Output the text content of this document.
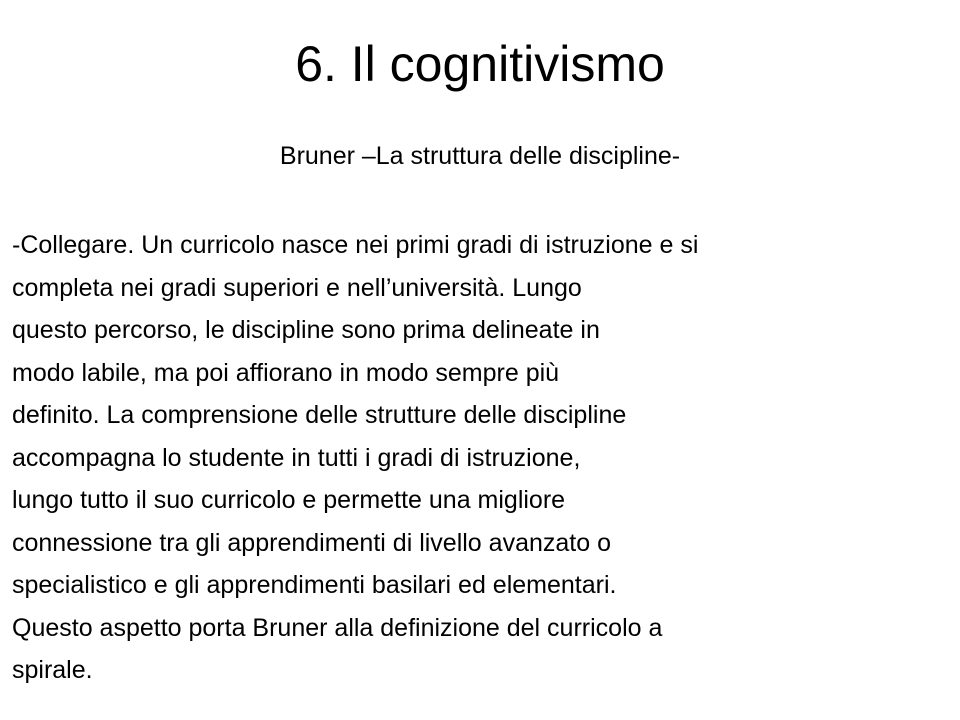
6. Il cognitivismo
Bruner –La struttura delle discipline-
-Collegare. Un curricolo nasce nei primi gradi di istruzione e si
completa nei gradi superiori e nell’università. Lungo
questo percorso, le discipline sono prima delineate in
modo labile, ma poi affiorano in modo sempre più
definito. La comprensione delle strutture delle discipline
accompagna lo studente in tutti i gradi di istruzione,
lungo tutto il suo curricolo e permette una migliore
connessione tra gli apprendimenti di livello avanzato o
specialistico e gli apprendimenti basilari ed elementari.
Questo aspetto porta Bruner alla definizione del curricolo a
spirale.
